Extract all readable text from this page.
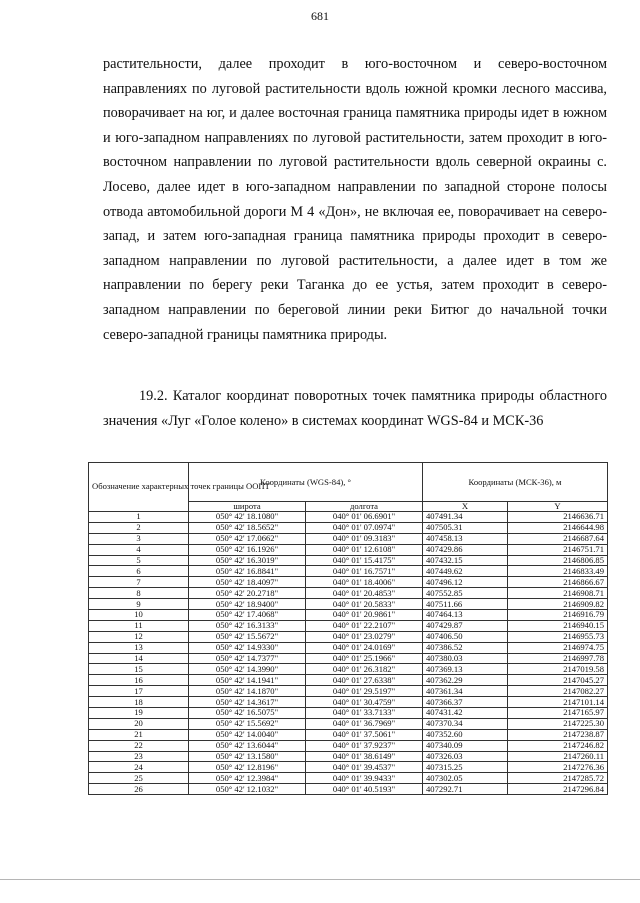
681

растительности, далее проходит в юго-восточном и северо-восточном направлениях по луговой растительности вдоль южной кромки лесного массива, поворачивает на юг, и далее восточная граница памятника природы идет в южном и юго-западном направлениях по луговой растительности, затем проходит в юго-восточном направлении по луговой растительности вдоль северной окраины с. Лосево, далее идет в юго-западном направлении по западной стороне полосы отвода автомобильной дороги М 4 «Дон», не включая ее, поворачивает на северо-запад, и затем юго-западная граница памятника природы проходит в северо-западном направлении по луговой растительности, а далее идет в том же направлении по берегу реки Таганка до ее устья, затем проходит в северо-западном направлении по береговой линии реки Битюг до начальной точки северо-западной границы памятника природы.

19.2. Каталог координат поворотных точек памятника природы областного значения «Луг «Голое колено» в системах координат WGS-84 и МСК-36

Обозначение характерных точек границы ООПТ	Координаты (WGS-84), °		Координаты (МСК-36), м	
	широта	долгота	X	Y
1	050° 42' 18.1080"	040° 01' 06.6901"	407491.34	2146636.71
2	050° 42' 18.5652"	040° 01' 07.0974"	407505.31	2146644.98
3	050° 42' 17.0662"	040° 01' 09.3183"	407458.13	2146687.64
4	050° 42' 16.1926"	040° 01' 12.6108"	407429.86	2146751.71
5	050° 42' 16.3019"	040° 01' 15.4175"	407432.15	2146806.85
6	050° 42' 16.8841"	040° 01' 16.7571"	407449.62	2146833.49
7	050° 42' 18.4097"	040° 01' 18.4006"	407496.12	2146866.67
8	050° 42' 20.2718"	040° 01' 20.4853"	407552.85	2146908.71
9	050° 42' 18.9400"	040° 01' 20.5833"	407511.66	2146909.82
10	050° 42' 17.4068"	040° 01' 20.9861"	407464.13	2146916.79
11	050° 42' 16.3133"	040° 01' 22.2107"	407429.87	2146940.15
12	050° 42' 15.5672"	040° 01' 23.0279"	407406.50	2146955.73
13	050° 42' 14.9330"	040° 01' 24.0169"	407386.52	2146974.75
14	050° 42' 14.7377"	040° 01' 25.1966"	407380.03	2146997.78
15	050° 42' 14.3990"	040° 01' 26.3182"	407369.13	2147019.58
16	050° 42' 14.1941"	040° 01' 27.6338"	407362.29	2147045.27
17	050° 42' 14.1870"	040° 01' 29.5197"	407361.34	2147082.27
18	050° 42' 14.3617"	040° 01' 30.4759"	407366.37	2147101.14
19	050° 42' 16.5075"	040° 01' 33.7133"	407431.42	2147165.97
20	050° 42' 15.5692"	040° 01' 36.7969"	407370.34	2147225.30
21	050° 42' 14.0040"	040° 01' 37.5061"	407352.60	2147238.87
22	050° 42' 13.6044"	040° 01' 37.9237"	407340.09	2147246.82
23	050° 42' 13.1580"	040° 01' 38.6149"	407326.03	2147260.11
24	050° 42' 12.8196"	040° 01' 39.4537"	407315.25	2147276.36
25	050° 42' 12.3984"	040° 01' 39.9433"	407302.05	2147285.72
26	050° 42' 12.1032"	040° 01' 40.5193"	407292.71	2147296.84
